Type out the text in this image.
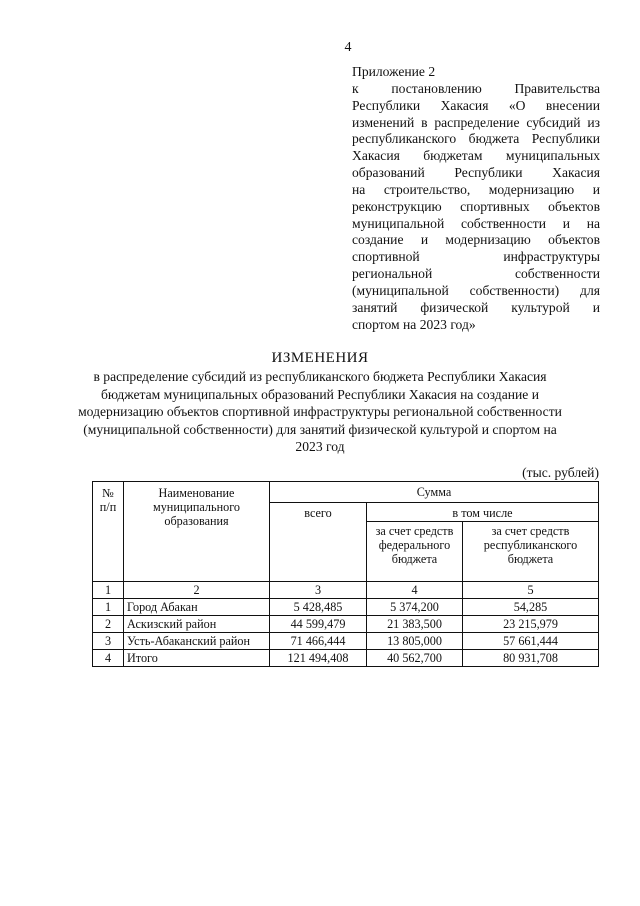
4
Приложение 2
к постановлению Правительства
Республики Хакасия «О внесении
изменений в распределение субсидий из
республиканского бюджета Республики
Хакасия бюджетам муниципальных
образований Республики Хакасия
на строительство, модернизацию и
реконструкцию спортивных объектов
муниципальной собственности и на
создание и модернизацию объектов
спортивной инфраструктуры
региональной собственности
(муниципальной собственности) для
занятий физической культурой и
спортом на 2023 год»
ИЗМЕНЕНИЯ
в распределение субсидий из республиканского бюджета Республики Хакасия
бюджетам муниципальных образований Республики Хакасия на создание и
модернизацию объектов спортивной инфраструктуры региональной собственности
(муниципальной собственности) для занятий физической культурой и спортом на
2023 год
(тыс. рублей)
№ п/п	Наименование муниципального образования	Сумма		
		всего	в том числе	
			за счет средств федерального бюджета	за счет средств республиканского бюджета
1	2	3	4	5
1	Город Абакан	5 428,485	5 374,200	54,285
2	Аскизский район	44 599,479	21 383,500	23 215,979
3	Усть-Абаканский район	71 466,444	13 805,000	57 661,444
4	Итого	121 494,408	40 562,700	80 931,708
